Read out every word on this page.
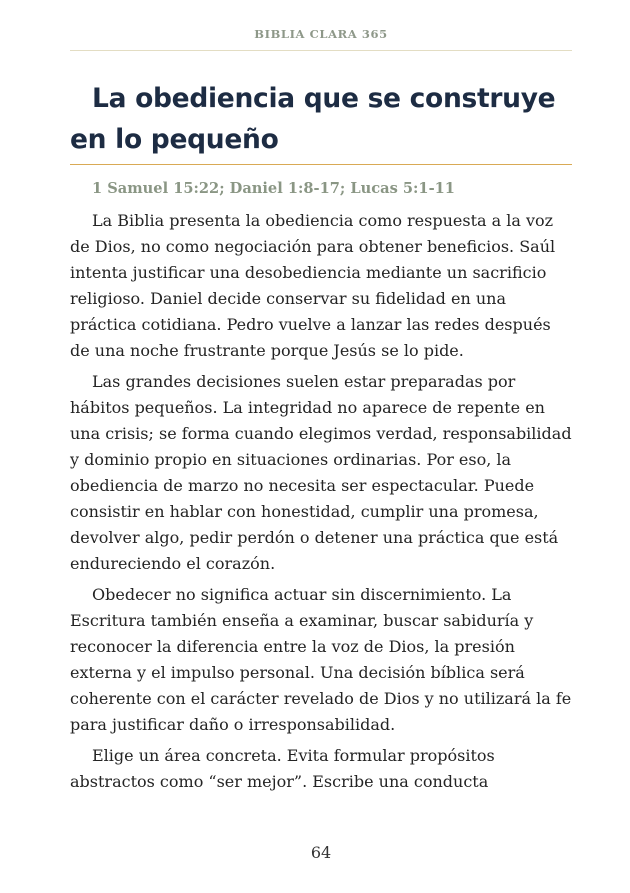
BIBLIA CLARA 365
La obediencia que se construye en lo pequeño
1 Samuel 15:22; Daniel 1:8-17; Lucas 5:1-11

La Biblia presenta la obediencia como respuesta a la voz de Dios, no como negociación para obtener beneficios. Saúl intenta justificar una desobediencia mediante un sacrificio religioso. Daniel decide conservar su fidelidad en una práctica cotidiana. Pedro vuelve a lanzar las redes después de una noche frustrante porque Jesús se lo pide.

Las grandes decisiones suelen estar preparadas por hábitos pequeños. La integridad no aparece de repente en una crisis; se forma cuando elegimos verdad, responsabilidad y dominio propio en situaciones ordinarias. Por eso, la obediencia de marzo no necesita ser espectacular. Puede consistir en hablar con honestidad, cumplir una promesa, devolver algo, pedir perdón o detener una práctica que está endureciendo el corazón.

Obedecer no significa actuar sin discernimiento. La Escritura también enseña a examinar, buscar sabiduría y reconocer la diferencia entre la voz de Dios, la presión externa y el impulso personal. Una decisión bíblica será coherente con el carácter revelado de Dios y no utilizará la fe para justificar daño o irresponsabilidad.

Elige un área concreta. Evita formular propósitos abstractos como “ser mejor”. Escribe una conducta

64
